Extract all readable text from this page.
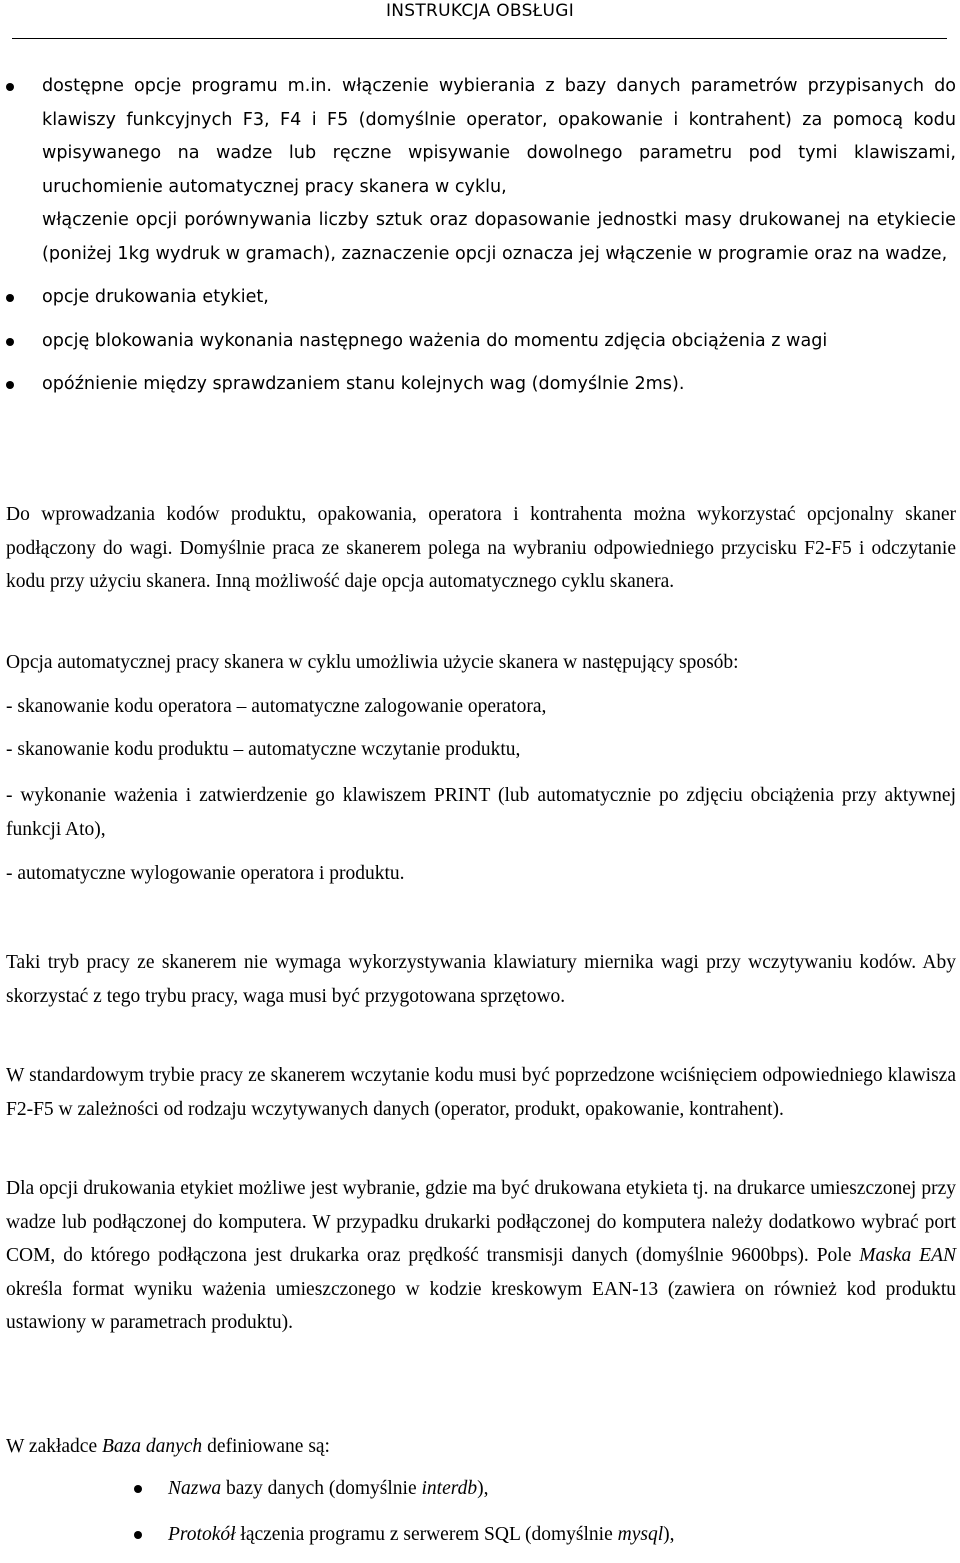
INSTRUKCJA OBSŁUGI
dostępne opcje programu m.in. włączenie wybierania z bazy danych parametrów przypisanych do klawiszy funkcyjnych F3, F4 i F5 (domyślnie operator, opakowanie i kontrahent) za pomocą kodu wpisywanego na wadze lub ręczne wpisywanie dowolnego parametru pod tymi klawiszami, uruchomienie automatycznej pracy skanera w cyklu,
włączenie opcji porównywania liczby sztuk oraz dopasowanie jednostki masy drukowanej na etykiecie (poniżej 1kg wydruk w gramach), zaznaczenie opcji oznacza jej włączenie w programie oraz na wadze,
opcje drukowania etykiet,
opcję blokowania wykonania następnego ważenia do momentu zdjęcia obciążenia z wagi
opóźnienie między sprawdzaniem stanu kolejnych wag (domyślnie 2ms).

Do wprowadzania kodów produktu, opakowania, operatora i kontrahenta można wykorzystać opcjonalny skaner podłączony do wagi. Domyślnie praca ze skanerem polega na wybraniu odpowiedniego przycisku F2-F5 i odczytanie kodu przy użyciu skanera. Inną możliwość daje opcja automatycznego cyklu skanera.

Opcja automatycznej pracy skanera w cyklu umożliwia użycie skanera w następujący sposób:

- skanowanie kodu operatora – automatyczne zalogowanie operatora,

- skanowanie kodu produktu – automatyczne wczytanie produktu,

- wykonanie ważenia i zatwierdzenie go klawiszem PRINT (lub automatycznie po zdjęciu obciążenia przy aktywnej funkcji Ato),

- automatyczne wylogowanie operatora i produktu.

Taki tryb pracy ze skanerem nie wymaga wykorzystywania klawiatury miernika wagi przy wczytywaniu kodów. Aby skorzystać z tego trybu pracy, waga musi być przygotowana sprzętowo.

W standardowym trybie pracy ze skanerem wczytanie kodu musi być poprzedzone wciśnięciem odpowiedniego klawisza F2-F5 w zależności od rodzaju wczytywanych danych (operator, produkt, opakowanie, kontrahent).

Dla opcji drukowania etykiet możliwe jest wybranie, gdzie ma być drukowana etykieta tj. na drukarce umieszczonej przy wadze lub podłączonej do komputera. W przypadku drukarki podłączonej do komputera należy dodatkowo wybrać port COM, do którego podłączona jest drukarka oraz prędkość transmisji danych (domyślnie 9600bps). Pole Maska EAN określa format wyniku ważenia umieszczonego w kodzie kreskowym EAN-13 (zawiera on również kod produktu ustawiony w parametrach produktu).

W zakładce Baza danych definiowane są:

Nazwa bazy danych (domyślnie interdb),
Protokół łączenia programu z serwerem SQL (domyślnie mysql),
